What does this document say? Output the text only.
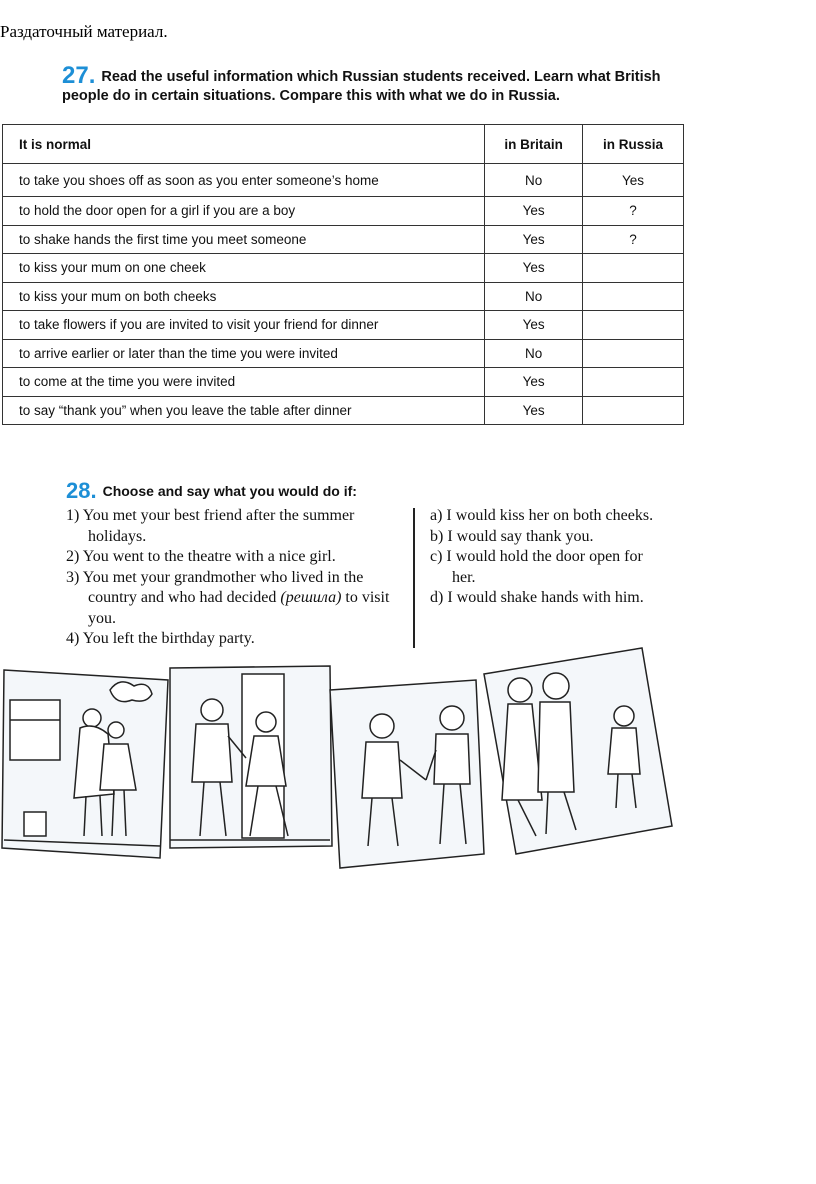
Раздаточный материал.
27. Read the useful information which Russian students received. Learn what British people do in certain situations. Compare this with what we do in Russia.
It is normal	in Britain	in Russia
to take you shoes off as soon as you enter someone’s home	No	Yes
to hold the door open for a girl if you are a boy	Yes	?
to shake hands the first time you meet someone	Yes	?
to kiss your mum on one cheek	Yes	
to kiss your mum on both cheeks	No	
to take flowers if you are invited to visit your friend for dinner	Yes	
to arrive earlier or later than the time you were invited	No	
to come at the time you were invited	Yes	
to say “thank you” when you leave the table after dinner	Yes	
28. Choose and say what you would do if:
1) You met your best friend after the summer holidays.
2) You went to the theatre with a nice girl.
3) You met your grandmother who lived in the country and who had decided (решила) to visit you.
4) You left the birthday party.
a) I would kiss her on both cheeks.
b) I would say thank you.
c) I would hold the door open for her.
d) I would shake hands with him.
